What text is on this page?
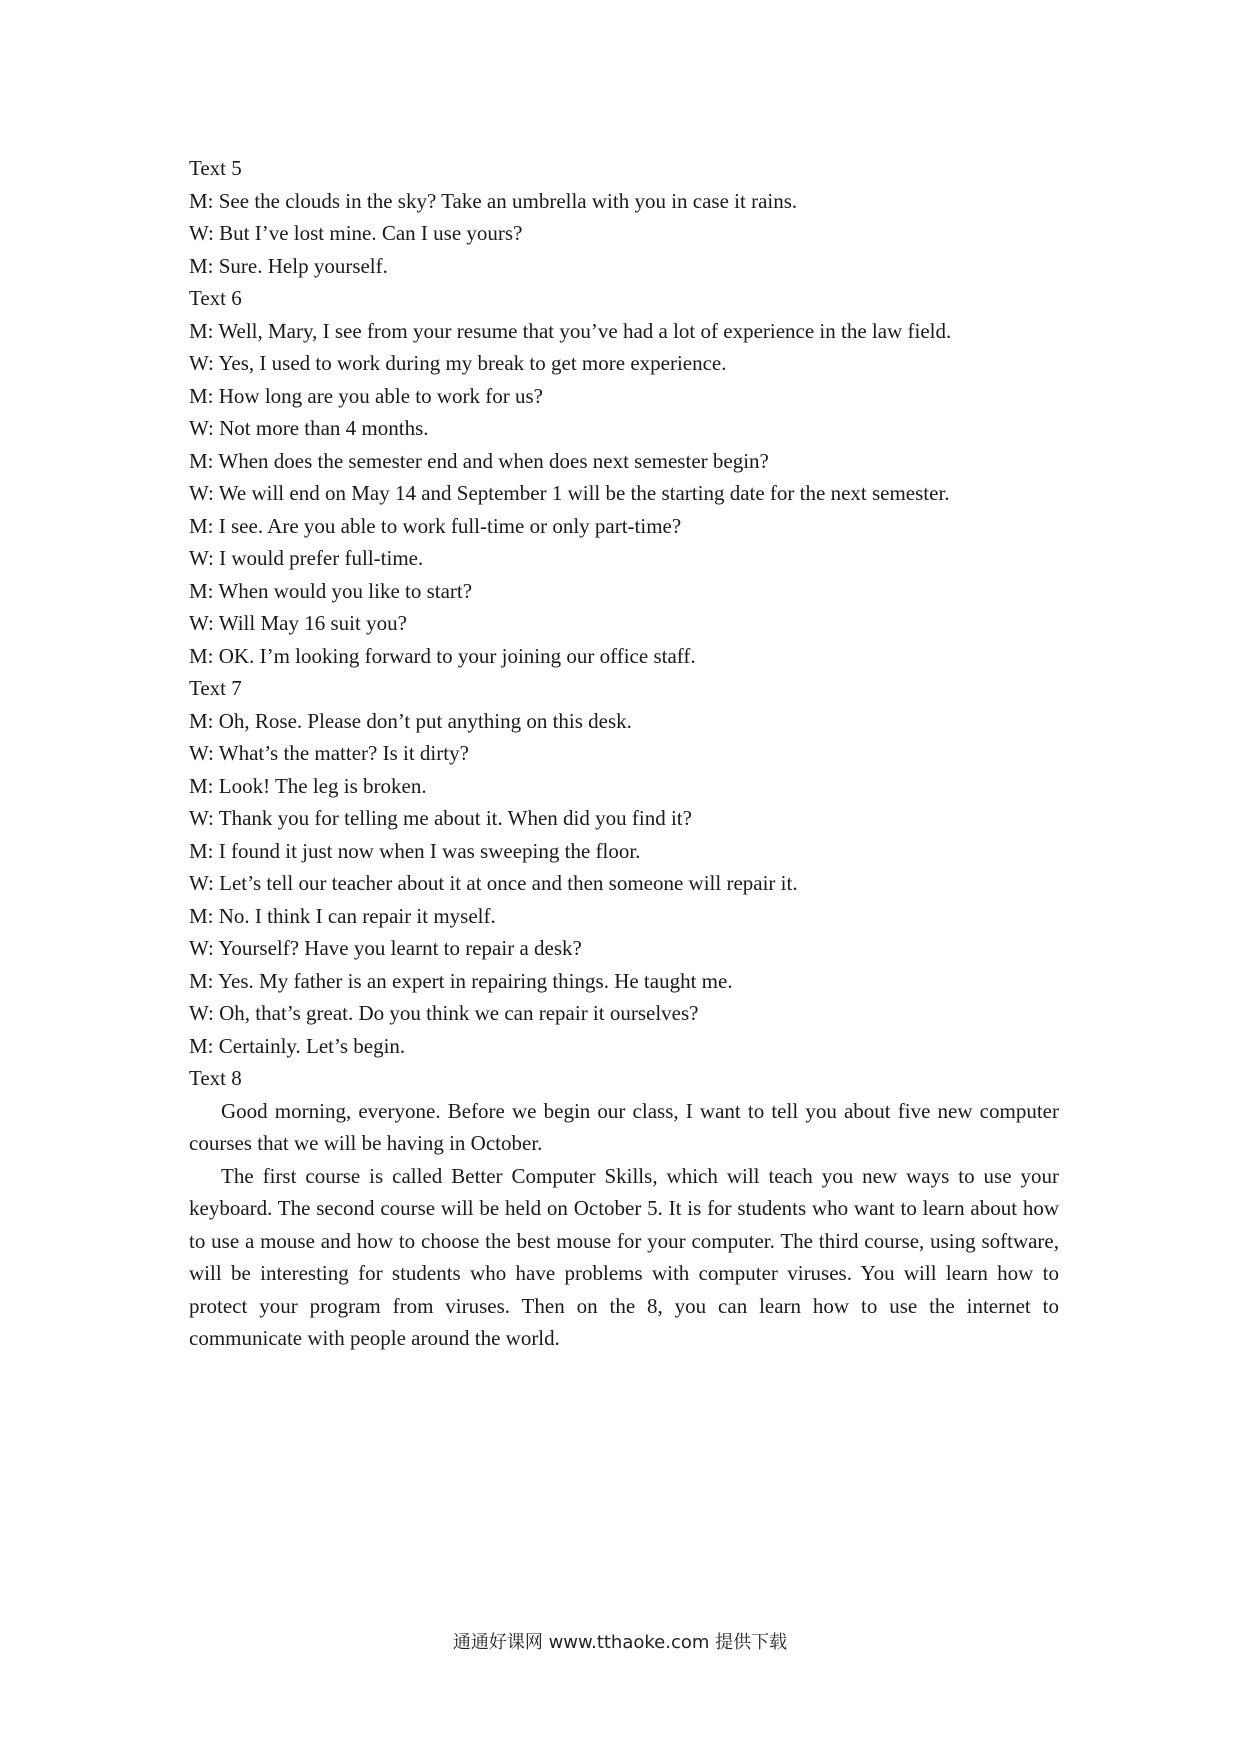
Text 5
M: See the clouds in the sky? Take an umbrella with you in case it rains.
W: But I’ve lost mine. Can I use yours?
M: Sure. Help yourself.
Text 6
M: Well, Mary, I see from your resume that you’ve had a lot of experience in the law field.
W: Yes, I used to work during my break to get more experience.
M: How long are you able to work for us?
W: Not more than 4 months.
M: When does the semester end and when does next semester begin?
W: We will end on May 14 and September 1 will be the starting date for the next semester.
M: I see. Are you able to work full-time or only part-time?
W: I would prefer full-time.
M: When would you like to start?
W: Will May 16 suit you?
M: OK. I’m looking forward to your joining our office staff.
Text 7
M: Oh, Rose. Please don’t put anything on this desk.
W: What’s the matter? Is it dirty?
M: Look! The leg is broken.
W: Thank you for telling me about it. When did you find it?
M: I found it just now when I was sweeping the floor.
W: Let’s tell our teacher about it at once and then someone will repair it.
M: No. I think I can repair it myself.
W: Yourself? Have you learnt to repair a desk?
M: Yes. My father is an expert in repairing things. He taught me.
W: Oh, that’s great. Do you think we can repair it ourselves?
M: Certainly. Let’s begin.
Text 8

Good morning, everyone. Before we begin our class, I want to tell you about five new computer courses that we will be having in October.

The first course is called Better Computer Skills, which will teach you new ways to use your keyboard. The second course will be held on October 5. It is for students who want to learn about how to use a mouse and how to choose the best mouse for your computer. The third course, using software, will be interesting for students who have problems with computer viruses. You will learn how to protect your program from viruses. Then on the 8, you can learn how to use the internet to communicate with people around the world.

通通好课网 www.tthaoke.com 提供下载
